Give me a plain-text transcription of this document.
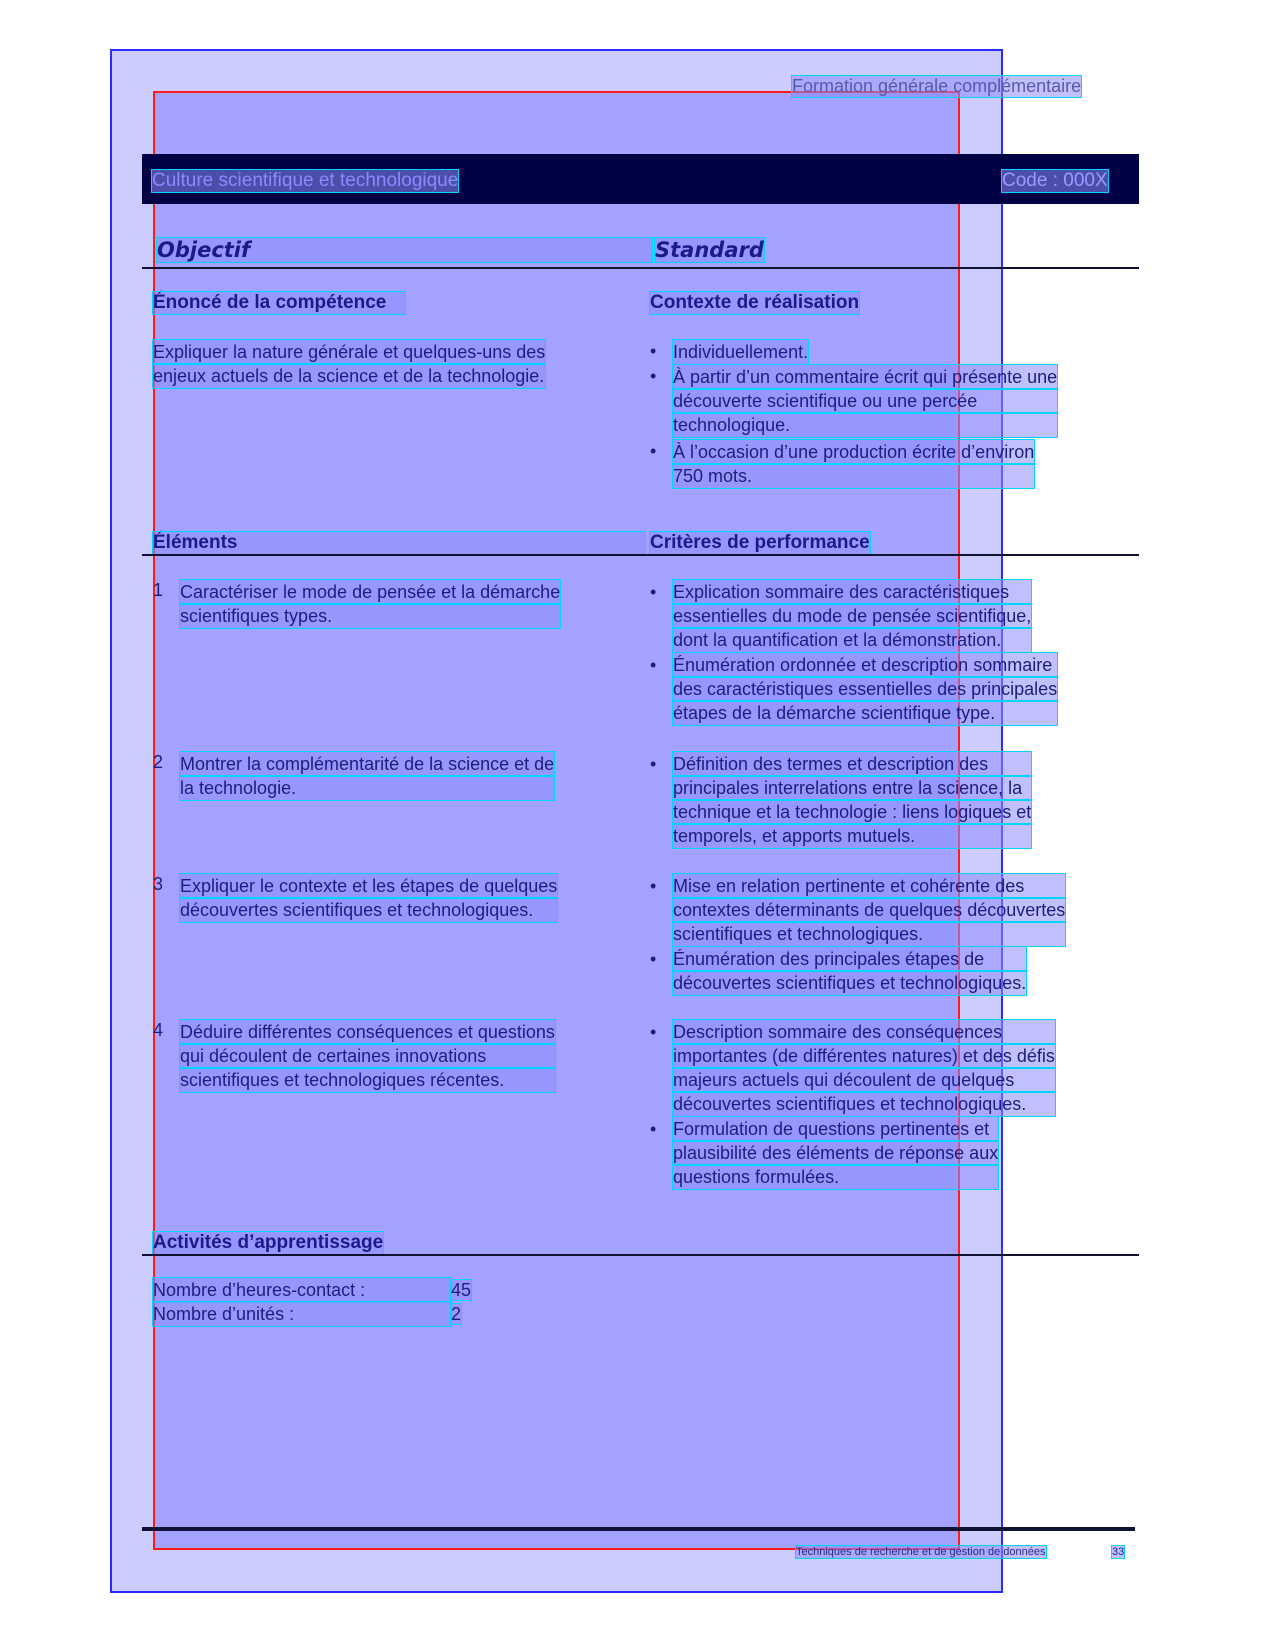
Formation générale complémentaire
Culture scientifique et technologique	Code : 000X
Objectif	Standard
Énoncé de la compétence	Contexte de réalisation
Expliquer la nature générale et quelques-uns des
enjeux actuels de la science et de la technologie.
• Individuellement.
• À partir d’un commentaire écrit qui présente une
découverte scientifique ou une percée
technologique.
• À l’occasion d’une production écrite d’environ
750 mots.
Éléments	Critères de performance
1 Caractériser le mode de pensée et la démarche
scientifiques types.
• Explication sommaire des caractéristiques
essentielles du mode de pensée scientifique,
dont la quantification et la démonstration.
• Énumération ordonnée et description sommaire
des caractéristiques essentielles des principales
étapes de la démarche scientifique type.
2 Montrer la complémentarité de la science et de
la technologie.
• Définition des termes et description des
principales interrelations entre la science, la
technique et la technologie : liens logiques et
temporels, et apports mutuels.
3 Expliquer le contexte et les étapes de quelques
découvertes scientifiques et technologiques.
• Mise en relation pertinente et cohérente des
contextes déterminants de quelques découvertes
scientifiques et technologiques.
• Énumération des principales étapes de
découvertes scientifiques et technologiques.
4 Déduire différentes conséquences et questions
qui découlent de certaines innovations
scientifiques et technologiques récentes.
• Description sommaire des conséquences
importantes (de différentes natures) et des défis
majeurs actuels qui découlent de quelques
découvertes scientifiques et technologiques.
• Formulation de questions pertinentes et
plausibilité des éléments de réponse aux
questions formulées.
Activités d’apprentissage
Nombre d’heures-contact :	45
Nombre d’unités :	2
Techniques de recherche et de gestion de données	33
